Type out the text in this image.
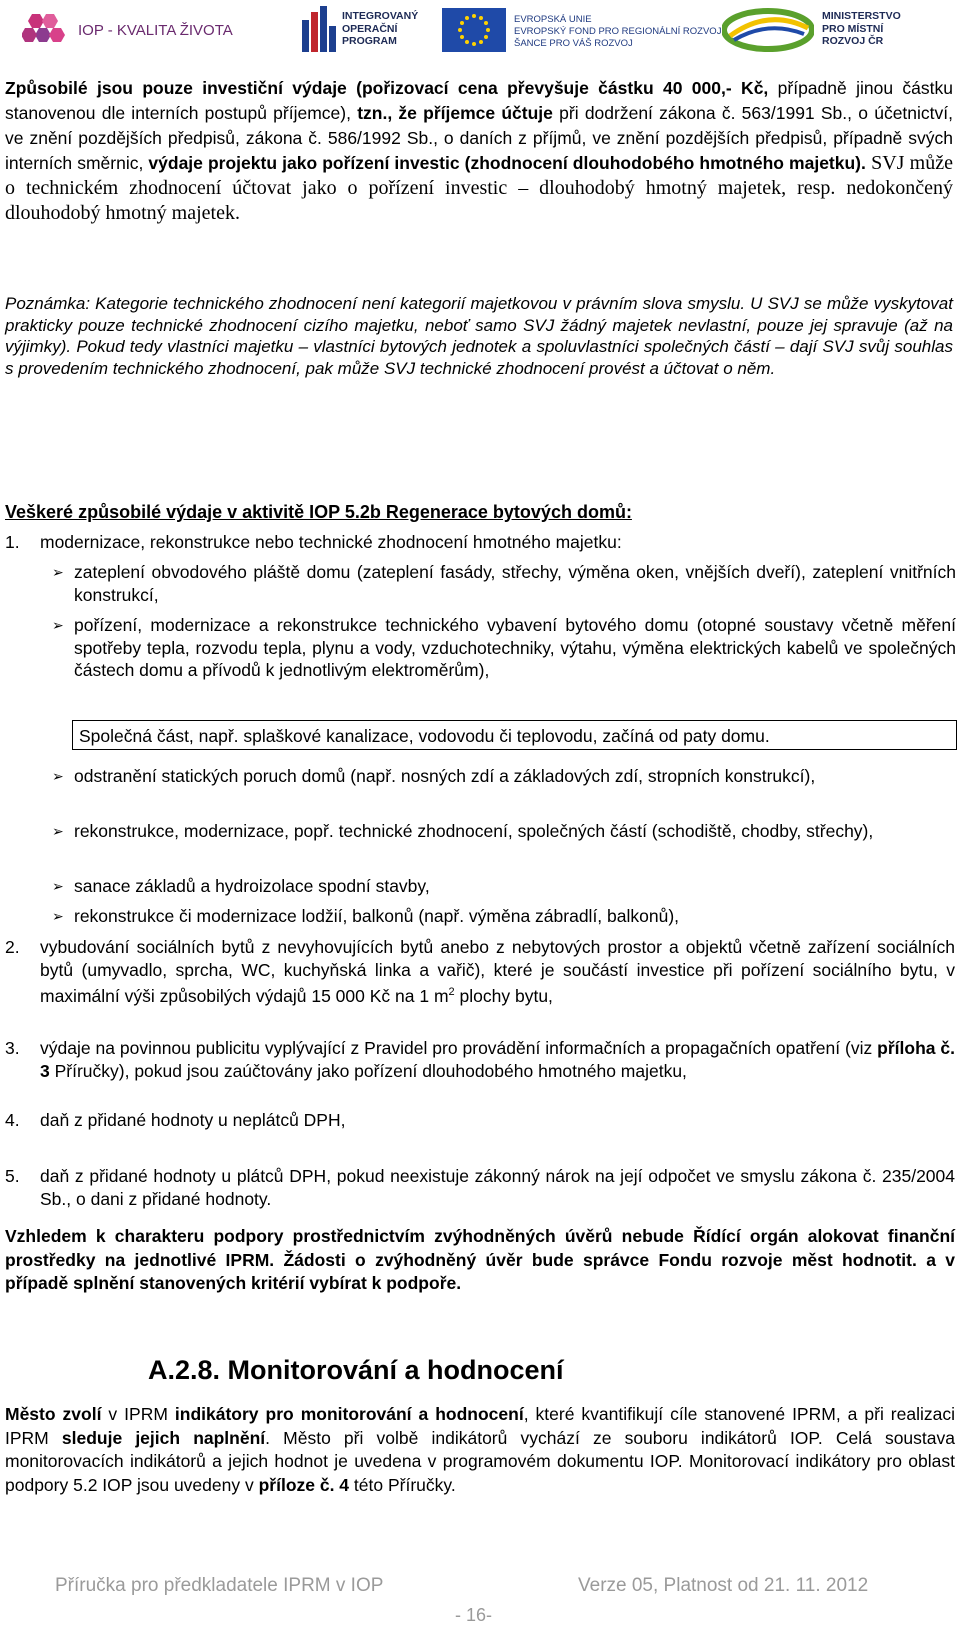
IOP - KVALITA ŽIVOTA
INTEGROVANÝ
OPERAČNÍ
PROGRAM
EVROPSKÁ UNIE
EVROPSKÝ FOND PRO REGIONÁLNÍ ROZVOJ
ŠANCE PRO VÁŠ ROZVOJ
MINISTERSTVO
PRO MÍSTNÍ
ROZVOJ ČR

Způsobilé jsou pouze investiční výdaje (pořizovací cena převyšuje částku 40 000,- Kč, případně jinou částku stanovenou dle interních postupů příjemce), tzn., že příjemce účtuje při dodržení zákona č. 563/1991 Sb., o účetnictví, ve znění pozdějších předpisů, zákona č. 586/1992 Sb., o daních z příjmů, ve znění pozdějších předpisů, případně svých interních směrnic, výdaje projektu jako pořízení investic (zhodnocení dlouhodobého hmotného majetku). SVJ může o technickém zhodnocení účtovat jako o pořízení investic – dlouhodobý hmotný majetek, resp. nedokončený dlouhodobý hmotný majetek.

Poznámka: Kategorie technického zhodnocení není kategorií majetkovou v právním slova smyslu. U SVJ se může vyskytovat prakticky pouze technické zhodnocení cizího majetku, neboť samo SVJ žádný majetek nevlastní, pouze jej spravuje (až na výjimky). Pokud tedy vlastníci majetku – vlastníci bytových jednotek a spoluvlastníci společných částí – dají SVJ svůj souhlas s provedením technického zhodnocení, pak může SVJ technické zhodnocení provést a účtovat o něm.
Veškeré způsobilé výdaje v aktivitě IOP 5.2b Regenerace bytových domů:
1. modernizace, rekonstrukce nebo technické zhodnocení hmotného majetku:
➢ zateplení obvodového pláště domu (zateplení fasády, střechy, výměna oken, vnějších dveří), zateplení vnitřních konstrukcí,
➢ pořízení, modernizace a rekonstrukce technického vybavení bytového domu (otopné soustavy včetně měření spotřeby tepla, rozvodu tepla, plynu a vody, vzduchotechniky, výtahu, výměna elektrických kabelů ve společných částech domu a přívodů k jednotlivým elektroměrům),
Společná část, např. splaškové kanalizace, vodovodu či teplovodu, začíná od paty domu.
➢ odstranění statických poruch domů (např. nosných zdí a základových zdí, stropních konstrukcí),
➢ rekonstrukce, modernizace, popř. technické zhodnocení, společných částí (schodiště, chodby, střechy),
➢ sanace základů a hydroizolace spodní stavby,
➢ rekonstrukce či modernizace lodžií, balkonů (např. výměna zábradlí, balkonů),
2. vybudování sociálních bytů z nevyhovujících bytů anebo z nebytových prostor a objektů včetně zařízení sociálních bytů (umyvadlo, sprcha, WC, kuchyňská linka a vařič), které je součástí investice při pořízení sociálního bytu, v maximální výši způsobilých výdajů 15 000 Kč na 1 $m^2$ plochy bytu,
3. výdaje na povinnou publicitu vyplývající z Pravidel pro provádění informačních a propagačních opatření (viz příloha č. 3 Příručky), pokud jsou zaúčtovány jako pořízení dlouhodobého hmotného majetku,
4. daň z přidané hodnoty u neplátců DPH,
5. daň z přidané hodnoty u plátců DPH, pokud neexistuje zákonný nárok na její odpočet ve smyslu zákona č. 235/2004 Sb., o dani z přidané hodnoty.
Vzhledem k charakteru podpory prostřednictvím zvýhodněných úvěrů nebude Řídící orgán alokovat finanční prostředky na jednotlivé IPRM. Žádosti o zvýhodněný úvěr bude správce Fondu rozvoje měst hodnotit. a v případě splnění stanovených kritérií vybírat k podpoře.
A.2.8. Monitorování a hodnocení
Město zvolí v IPRM indikátory pro monitorování a hodnocení, které kvantifikují cíle stanovené IPRM, a při realizaci IPRM sleduje jejich naplnění. Město při volbě indikátorů vychází ze souboru indikátorů IOP. Celá soustava monitorovacích indikátorů a jejich hodnot je uvedena v programovém dokumentu IOP. Monitorovací indikátory pro oblast podpory 5.2 IOP jsou uvedeny v příloze č. 4 této Příručky.
Příručka pro předkladatele IPRM v IOP	Verze 05, Platnost od 21. 11. 2012
- 16-
